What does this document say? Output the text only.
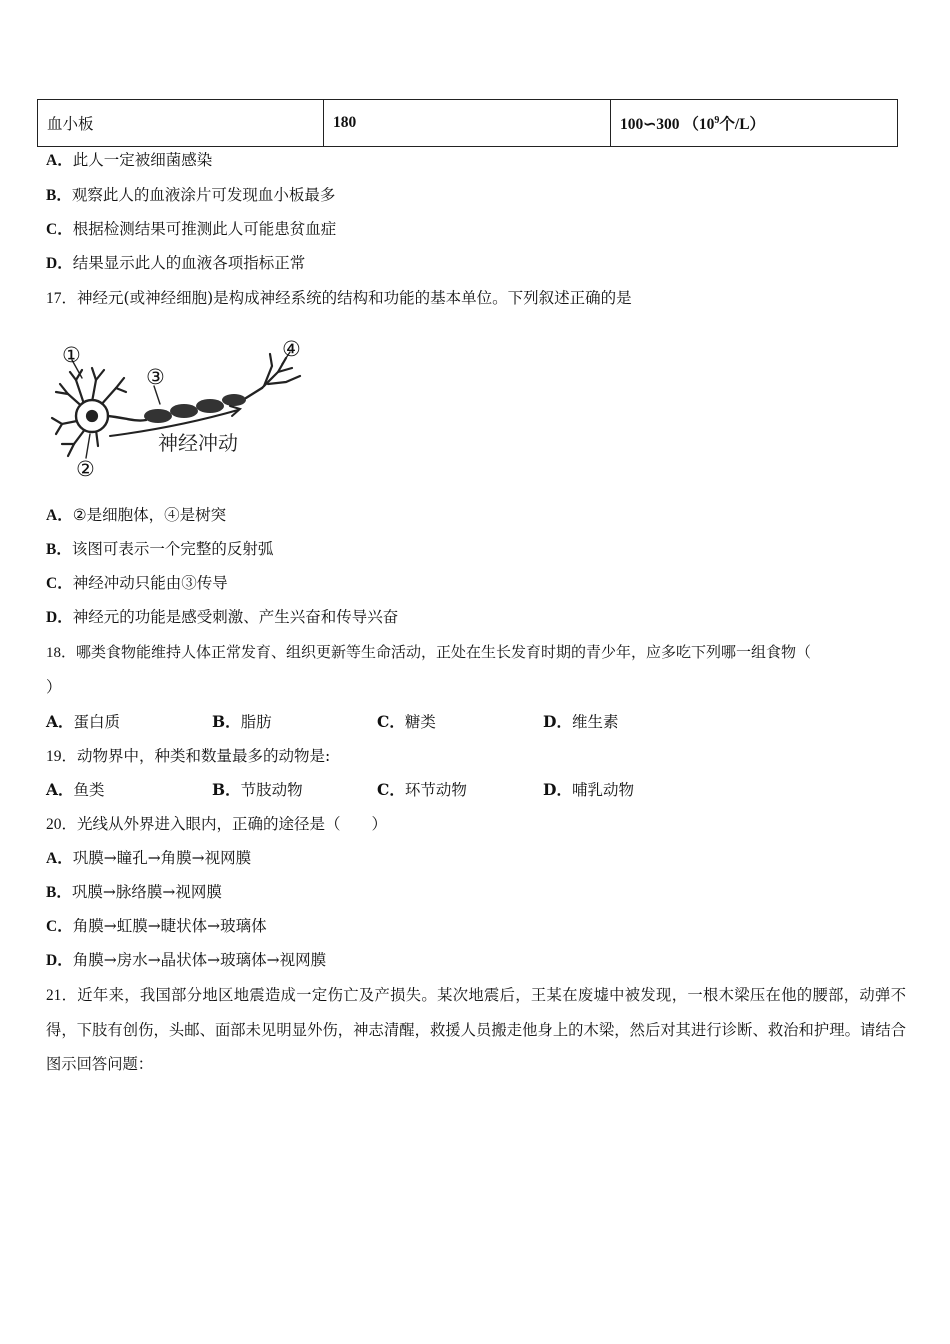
血小板	180	100∽300 （$10^9$个/L）
A．此人一定被细菌感染
B．观察此人的血液涂片可发现血小板最多
C．根据检测结果可推测此人可能患贫血症
D．结果显示此人的血液各项指标正常
17．神经元(或神经细胞)是构成神经系统的结构和功能的基本单位。下列叙述正确的是
①
②
③
④
神经冲动
A．②是细胞体，④是树突
B．该图可表示一个完整的反射弧
C．神经冲动只能由③传导
D．神经元的功能是感受刺激、产生兴奋和传导兴奋
18．哪类食物能维持人体正常发育、组织更新等生命活动，正处在生长发育时期的青少年，应多吃下列哪一组食物（
）
A．蛋白质	B．脂肪	C．糖类	D．维生素
19．动物界中，种类和数量最多的动物是:
A．鱼类	B．节肢动物	C．环节动物	D．哺乳动物
20．光线从外界进入眼内，正确的途径是（　　）
A．巩膜→瞳孔→角膜→视网膜
B．巩膜→脉络膜→视网膜
C．角膜→虹膜→睫状体→玻璃体
D．角膜→房水→晶状体→玻璃体→视网膜
21．近年来，我国部分地区地震造成一定伤亡及产损失。某次地震后，王某在废墟中被发现，一根木梁压在他的腰部，动弹不得，下肢有创伤，头邮、面部未见明显外伤，神志清醒，救援人员搬走他身上的木梁，然后对其进行诊断、救治和护理。请结合图示回答问题：
